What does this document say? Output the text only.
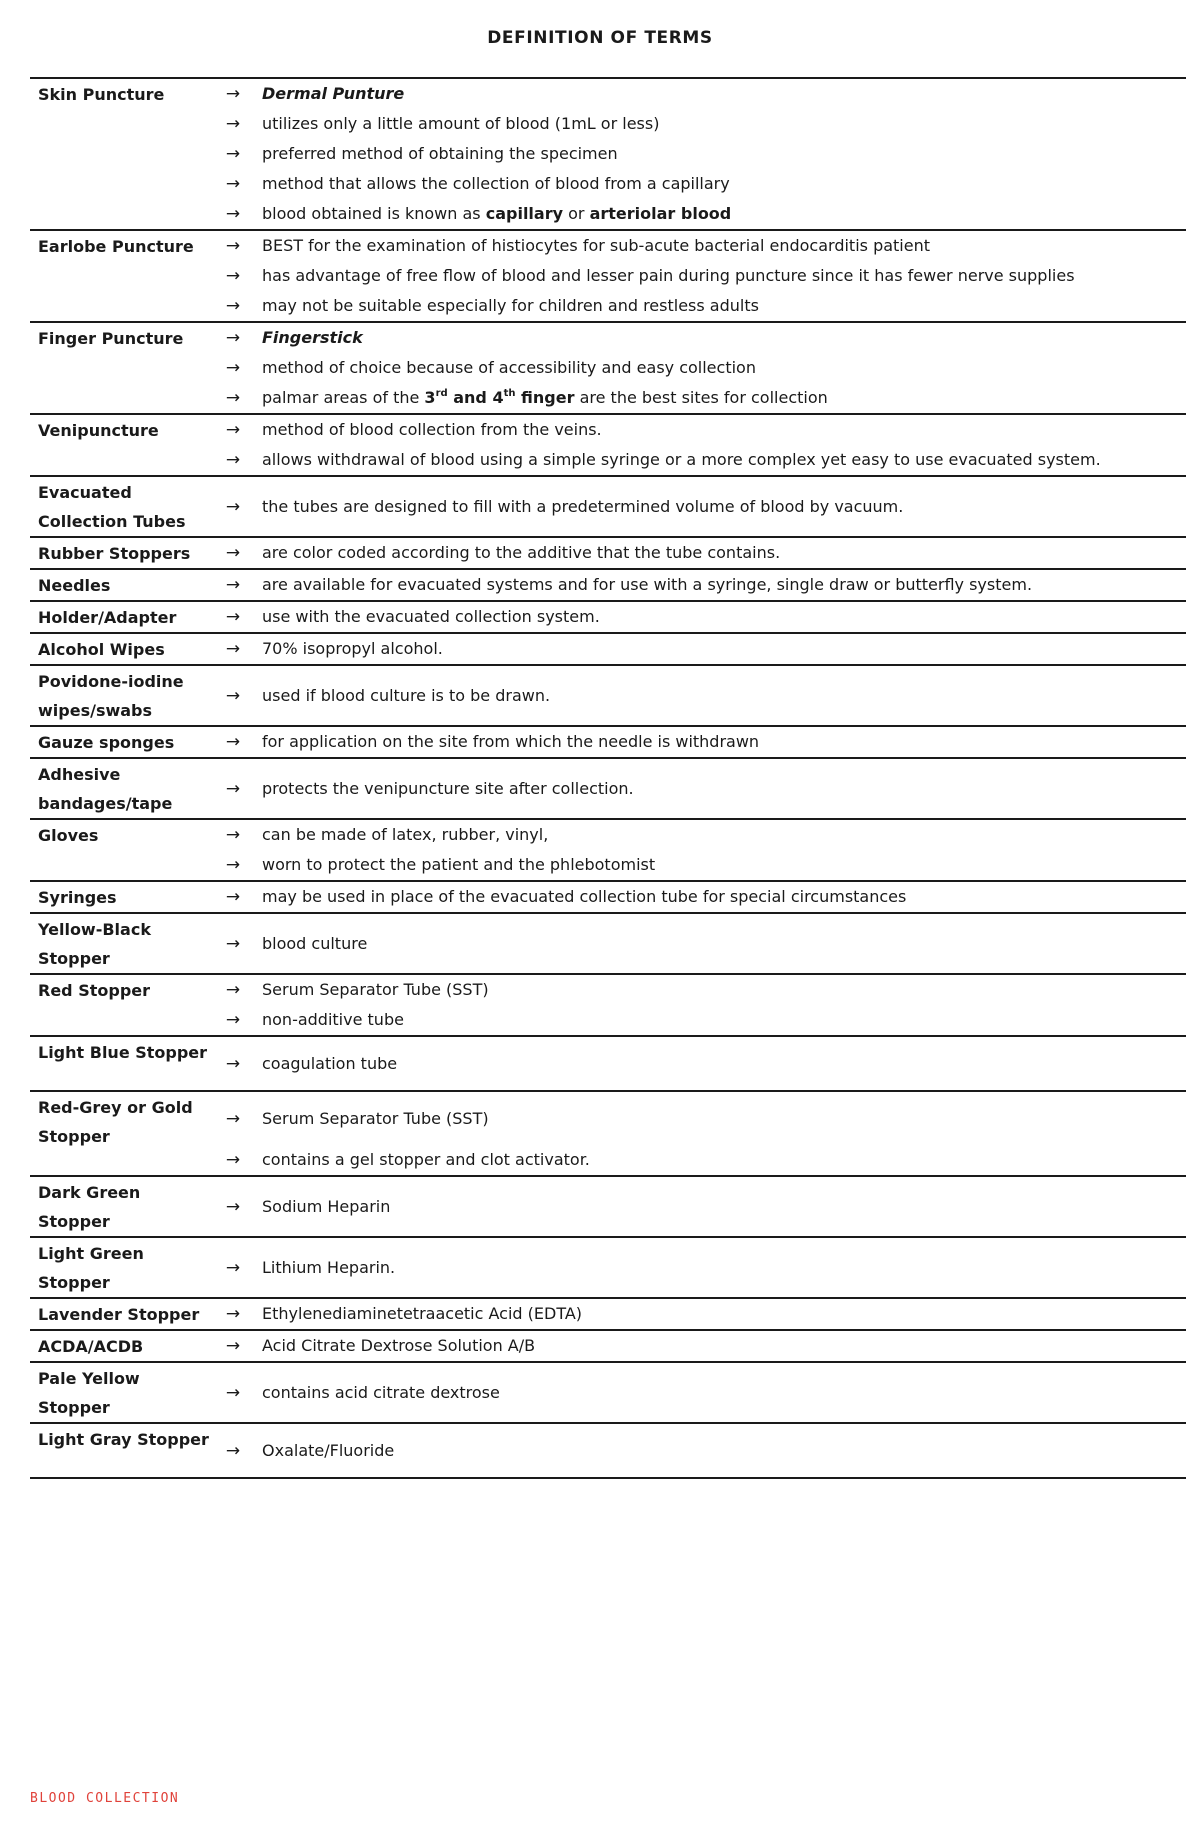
DEFINITION OF TERMS
Skin Puncture	→	Dermal Punture
	→	utilizes only a little amount of blood (1mL or less)
	→	preferred method of obtaining the specimen
	→	method that allows the collection of blood from a capillary
	→	blood obtained is known as capillary or arteriolar blood
Earlobe Puncture	→	BEST for the examination of histiocytes for sub-acute bacterial endocarditis patient
	→	has advantage of free flow of blood and lesser pain during puncture since it has fewer nerve supplies
	→	may not be suitable especially for children and restless adults
Finger Puncture	→	Fingerstick
	→	method of choice because of accessibility and easy collection
	→	palmar areas of the 3rd and 4th finger are the best sites for collection
Venipuncture	→	method of blood collection from the veins.
	→	allows withdrawal of blood using a simple syringe or a more complex yet easy to use evacuated system.
Evacuated Collection Tubes	→	the tubes are designed to fill with a predetermined volume of blood by vacuum.
Rubber Stoppers	→	are color coded according to the additive that the tube contains.
Needles	→	are available for evacuated systems and for use with a syringe, single draw or butterfly system.
Holder/Adapter	→	use with the evacuated collection system.
Alcohol Wipes	→	70% isopropyl alcohol.
Povidone-iodine wipes/swabs	→	used if blood culture is to be drawn.
Gauze sponges	→	for application on the site from which the needle is withdrawn
Adhesive bandages/tape	→	protects the venipuncture site after collection.
Gloves	→	can be made of latex, rubber, vinyl,
	→	worn to protect the patient and the phlebotomist
Syringes	→	may be used in place of the evacuated collection tube for special circumstances
Yellow-Black Stopper	→	blood culture
Red Stopper	→	Serum Separator Tube (SST)
	→	non-additive tube
Light Blue Stopper	→	coagulation tube
Red-Grey or Gold Stopper	→	Serum Separator Tube (SST)
	→	contains a gel stopper and clot activator.
Dark Green Stopper	→	Sodium Heparin
Light Green Stopper	→	Lithium Heparin.
Lavender Stopper	→	Ethylenediaminetetraacetic Acid (EDTA)
ACDA/ACDB	→	Acid Citrate Dextrose Solution A/B
Pale Yellow Stopper	→	contains acid citrate dextrose
Light Gray Stopper	→	Oxalate/Fluoride
BLOOD COLLECTION
